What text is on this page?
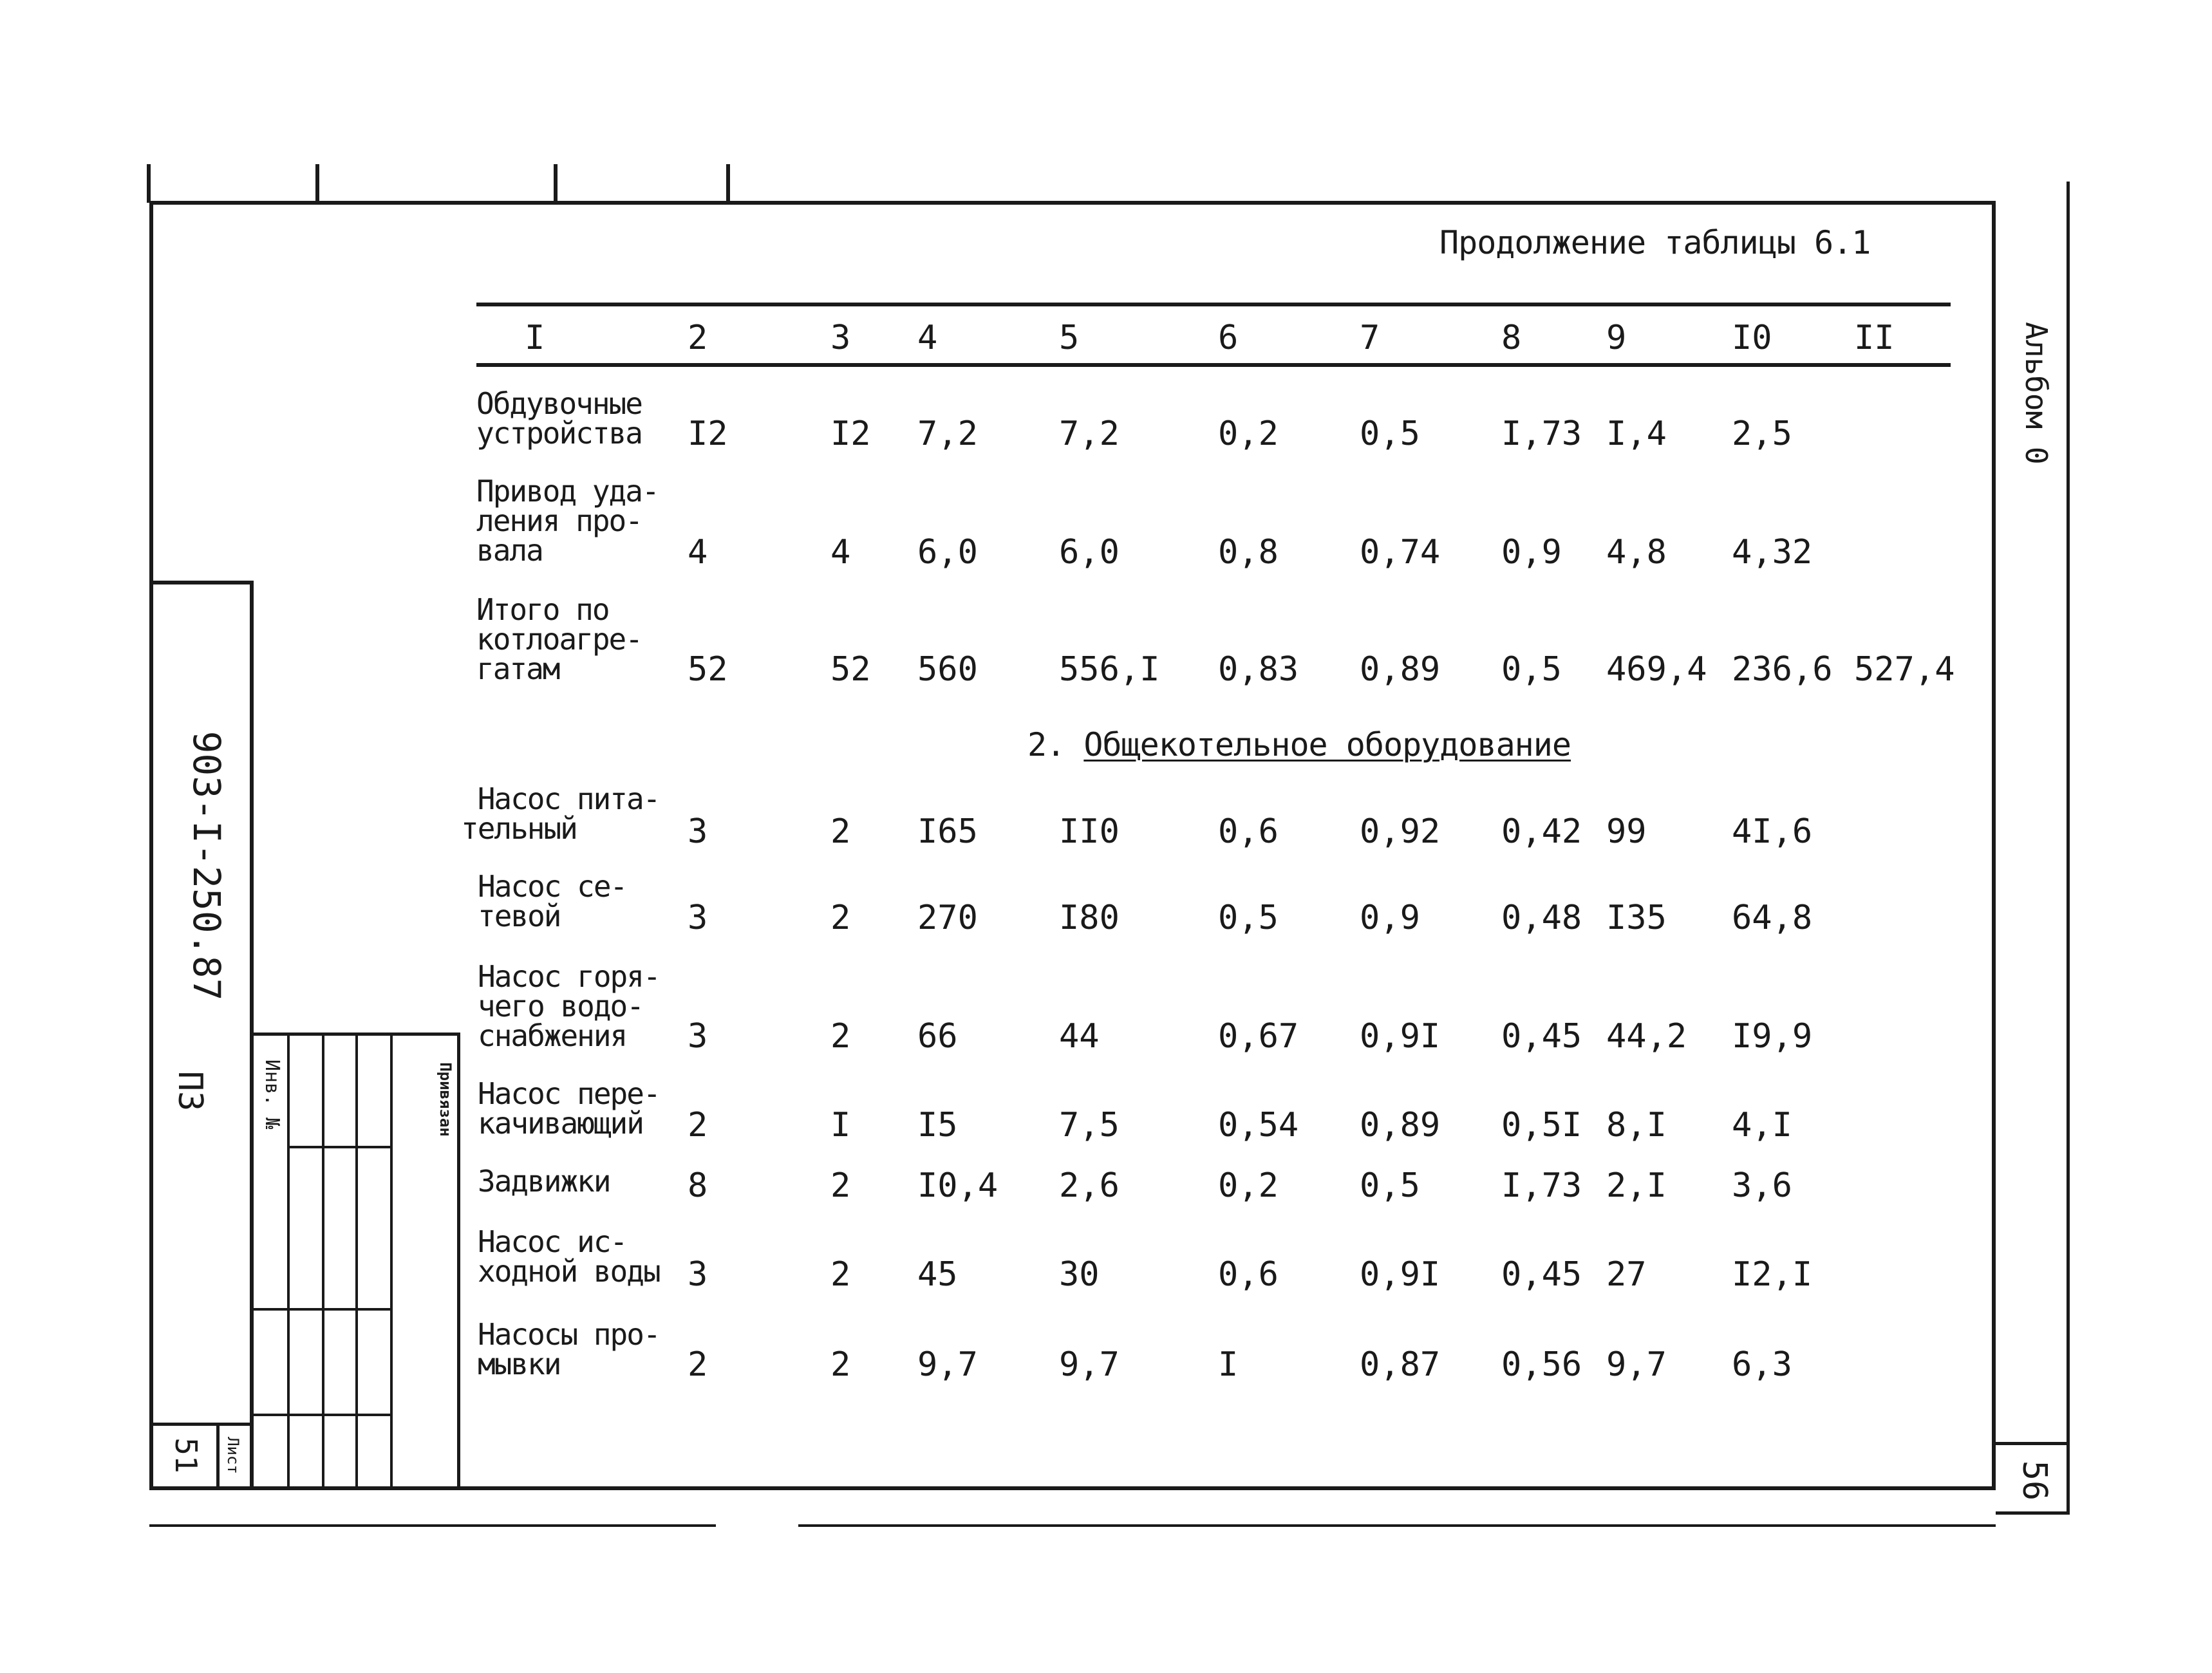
Альбом 0
56
903-I-250.87
ПЗ
51 Лист
Инв. №	Привязан
Продолжение таблицы 6.1
I	2	3 4	5	6	7	8	9	I0 II
Обдувочные
устройства I2	I2 7,2 7,2	0,2 0,5 I,73 I,4 2,5
Привод уда-
ления про-
вала	4	4 6,0 6,0	0,8 0,74 0,9 4,8 4,32
Итого по
котлоагре-
гатам	52	52 560 556,I 0,83 0,89 0,5 469,4 236,6 527,4
Насос пита-
тельный	3	2 I65 II0	0,6 0,92 0,42 99	4I,6
Насос се-
тевой	3	2 270 I80	0,5 0,9 0,48 I35 64,8
Насос горя-
чего водо-
снабжения	3	2 66	44	0,67 0,9I 0,45 44,2 I9,9
Насос пере-
качивающий	2	I I5	7,5	0,54 0,89 0,5I 8,I 4,I
Задвижки 8	2 I0,4 2,6	0,2 0,5 I,73 2,I 3,6
Насос ис-
ходной воды 3	2 45	30	0,6 0,9I 0,45 27	I2,I
Насосы про-
мывки	2	2 9,7 9,7	I	0,87 0,56 9,7 6,3
2. Общекотельное оборудование
